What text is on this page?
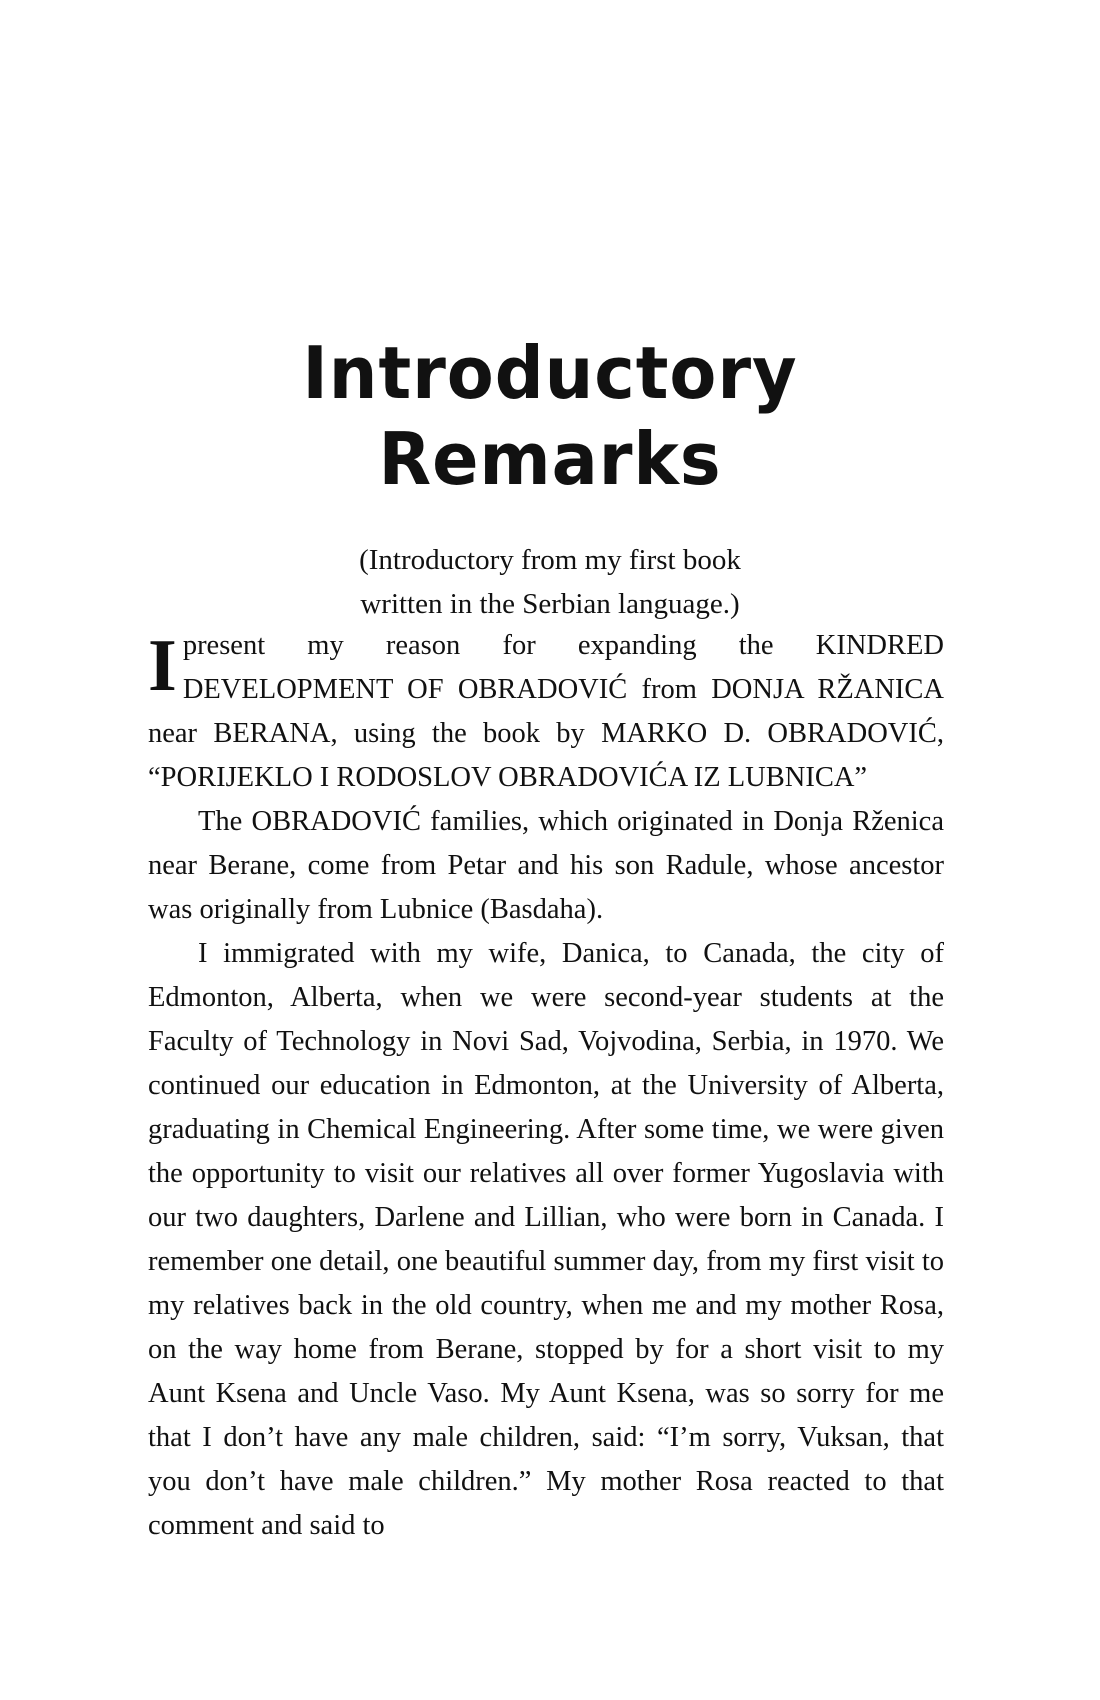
Introductory
Remarks
(Introductory from my first book
written in the Serbian language.)

Ipresent my reason for expanding the KINDRED DEVELOPMENT OF OBRADOVIĆ from DONJA RŽANICA near BERANA, using the book by MARKO D. OBRADOVIĆ, “PORIJEKLO I RODOSLOV OBRADOVIĆA IZ LUBNICA”

The OBRADOVIĆ families, which originated in Donja Rženica near Berane, come from Petar and his son Radule, whose ancestor was originally from Lubnice (Basdaha).

I immigrated with my wife, Danica, to Canada, the city of Edmonton, Alberta, when we were second-year students at the Faculty of Technology in Novi Sad, Vojvodina, Serbia, in 1970. We continued our education in Edmonton, at the University of Alberta, graduating in Chemical Engineering. After some time, we were given the opportunity to visit our relatives all over former Yugoslavia with our two daughters, Darlene and Lillian, who were born in Canada. I remember one detail, one beautiful summer day, from my first visit to my relatives back in the old country, when me and my mother Rosa, on the way home from Berane, stopped by for a short visit to my Aunt Ksena and Uncle Vaso. My Aunt Ksena, was so sorry for me that I don’t have any male children, said: “I’m sorry, Vuksan, that you don’t have male children.” My mother Rosa reacted to that comment and said to
